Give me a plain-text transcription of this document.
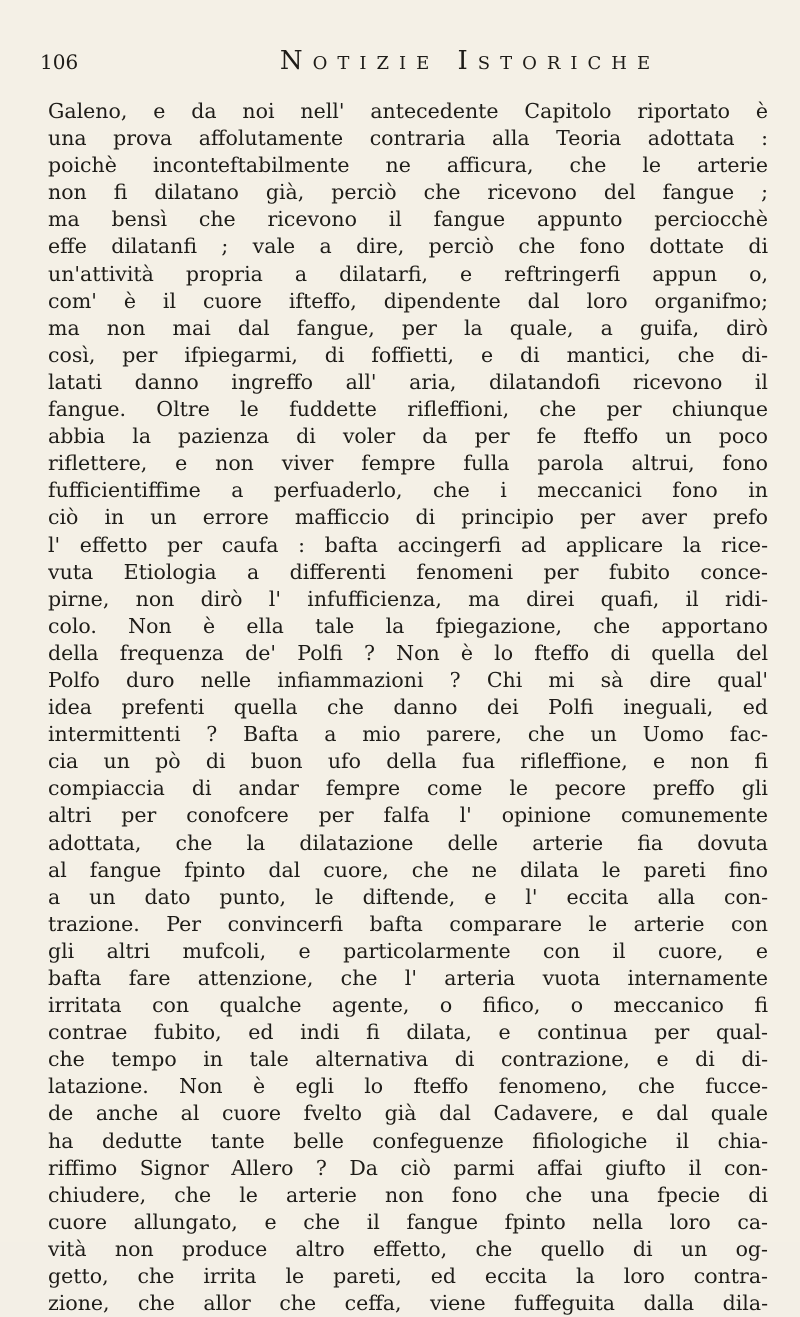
106	Notizie Istoriche
Galeno, e da noi nell' antecedente Capitolo riportato è
una prova affolutamente contraria alla Teoria adottata :
poichè inconteftabilmente ne afficura, che le arterie
non fi dilatano già, perciò che ricevono del fangue ;
ma bensì che ricevono il fangue appunto perciocchè
effe dilatanfi ; vale a dire, perciò che fono dottate di
un'attività propria a dilatarfi, e reftringerfi appun o,
com' è il cuore ifteffo, dipendente dal loro organifmo;
ma non mai dal fangue, per la quale, a guifa, dirò
così, per ifpiegarmi, di foffietti, e di mantici, che di-
latati danno ingreffo all' aria, dilatandofi ricevono il
fangue. Oltre le fuddette rifleffioni, che per chiunque
abbia la pazienza di voler da per fe fteffo un poco
riflettere, e non viver fempre fulla parola altrui, fono
fufficientiffime a perfuaderlo, che i meccanici fono in
ciò in un errore mafficcio di principio per aver prefo
l' effetto per caufa : bafta accingerfi ad applicare la rice-
vuta Etiologia a differenti fenomeni per fubito conce-
pirne, non dirò l' infufficienza, ma direi quafi, il ridi-
colo. Non è ella tale la fpiegazione, che apportano
della frequenza de' Polfi ? Non è lo fteffo di quella del
Polfo duro nelle infiammazioni ? Chi mi sà dire qual'
idea prefenti quella che danno dei Polfi ineguali, ed
intermittenti ? Bafta a mio parere, che un Uomo fac-
cia un pò di buon ufo della fua rifleffione, e non fi
compiaccia di andar fempre come le pecore preffo gli
altri per conofcere per falfa l' opinione comunemente
adottata, che la dilatazione delle arterie fia dovuta
al fangue fpinto dal cuore, che ne dilata le pareti fino
a un dato punto, le diftende, e l' eccita alla con-
trazione. Per convincerfi bafta comparare le arterie con
gli altri mufcoli, e particolarmente con il cuore, e
bafta fare attenzione, che l' arteria vuota internamente
irritata con qualche agente, o fifico, o meccanico fi
contrae fubito, ed indi fi dilata, e continua per qual-
che tempo in tale alternativa di contrazione, e di di-
latazione. Non è egli lo fteffo fenomeno, che fucce-
de anche al cuore fvelto già dal Cadavere, e dal quale
ha dedutte tante belle confeguenze fifiologiche il chia-
riffimo Signor Allero ? Da ciò parmi affai giufto il con-
chiudere, che le arterie non fono che una fpecie di
cuore allungato, e che il fangue fpinto nella loro ca-
vità non produce altro effetto, che quello di un og-
getto, che irrita le pareti, ed eccita la loro contra-
zione, che allor che ceffa, viene fuffeguita dalla dila-
